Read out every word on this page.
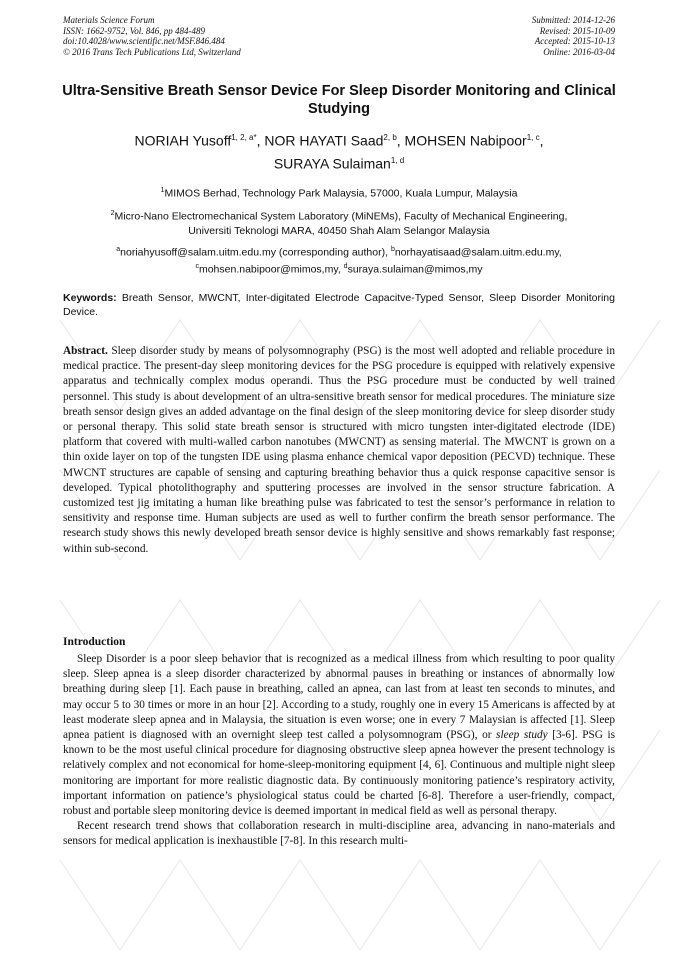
Materials Science Forum
ISSN: 1662-9752, Vol. 846, pp 484-489
doi:10.4028/www.scientific.net/MSF.846.484
© 2016 Trans Tech Publications Ltd, Switzerland
Submitted: 2014-12-26
Revised: 2015-10-09
Accepted: 2015-10-13
Online: 2016-03-04
Ultra-Sensitive Breath Sensor Device For Sleep Disorder Monitoring and Clinical Studying
NORIAH Yusoff$^{1, 2, a*}$, NOR HAYATI Saad$^{2, b}$, MOHSEN Nabipoor$^{1, c}$,
SURAYA Sulaiman$^{1, d}$
$^1$MIMOS Berhad, Technology Park Malaysia, 57000, Kuala Lumpur, Malaysia
$^2$Micro-Nano Electromechanical System Laboratory (MiNEMs), Faculty of Mechanical Engineering,
Universiti Teknologi MARA, 40450 Shah Alam Selangor Malaysia
$^a$noriahyusoff@salam.uitm.edu.my (corresponding author), $^b$norhayatisaad@salam.uitm.edu.my,
$^c$mohsen.nabipoor@mimos,my, $^d$suraya.sulaiman@mimos,my
Keywords: Breath Sensor, MWCNT, Inter-digitated Electrode Capacitve-Typed Sensor, Sleep Disorder Monitoring Device.
Abstract. Sleep disorder study by means of polysomnography (PSG) is the most well adopted and reliable procedure in medical practice. The present-day sleep monitoring devices for the PSG procedure is equipped with relatively expensive apparatus and technically complex modus operandi. Thus the PSG procedure must be conducted by well trained personnel. This study is about development of an ultra-sensitive breath sensor for medical procedures. The miniature size breath sensor design gives an added advantage on the final design of the sleep monitoring device for sleep disorder study or personal therapy. This solid state breath sensor is structured with micro tungsten inter-digitated electrode (IDE) platform that covered with multi-walled carbon nanotubes (MWCNT) as sensing material. The MWCNT is grown on a thin oxide layer on top of the tungsten IDE using plasma enhance chemical vapor deposition (PECVD) technique. These MWCNT structures are capable of sensing and capturing breathing behavior thus a quick response capacitive sensor is developed. Typical photolithography and sputtering processes are involved in the sensor structure fabrication. A customized test jig imitating a human like breathing pulse was fabricated to test the sensor’s performance in relation to sensitivity and response time. Human subjects are used as well to further confirm the breath sensor performance. The research study shows this newly developed breath sensor device is highly sensitive and shows remarkably fast response; within sub-second.
Introduction

Sleep Disorder is a poor sleep behavior that is recognized as a medical illness from which resulting to poor quality sleep. Sleep apnea is a sleep disorder characterized by abnormal pauses in breathing or instances of abnormally low breathing during sleep [1]. Each pause in breathing, called an apnea, can last from at least ten seconds to minutes, and may occur 5 to 30 times or more in an hour [2]. According to a study, roughly one in every 15 Americans is affected by at least moderate sleep apnea and in Malaysia, the situation is even worse; one in every 7 Malaysian is affected [1]. Sleep apnea patient is diagnosed with an overnight sleep test called a polysomnogram (PSG), or sleep study [3-6]. PSG is known to be the most useful clinical procedure for diagnosing obstructive sleep apnea however the present technology is relatively complex and not economical for home-sleep-monitoring equipment [4, 6]. Continuous and multiple night sleep monitoring are important for more realistic diagnostic data. By continuously monitoring patience’s respiratory activity, important information on patience’s physiological status could be charted [6-8]. Therefore a user-friendly, compact, robust and portable sleep monitoring device is deemed important in medical field as well as personal therapy.

Recent research trend shows that collaboration research in multi-discipline area, advancing in nano-materials and sensors for medical application is inexhaustible [7-8]. In this research multi-
